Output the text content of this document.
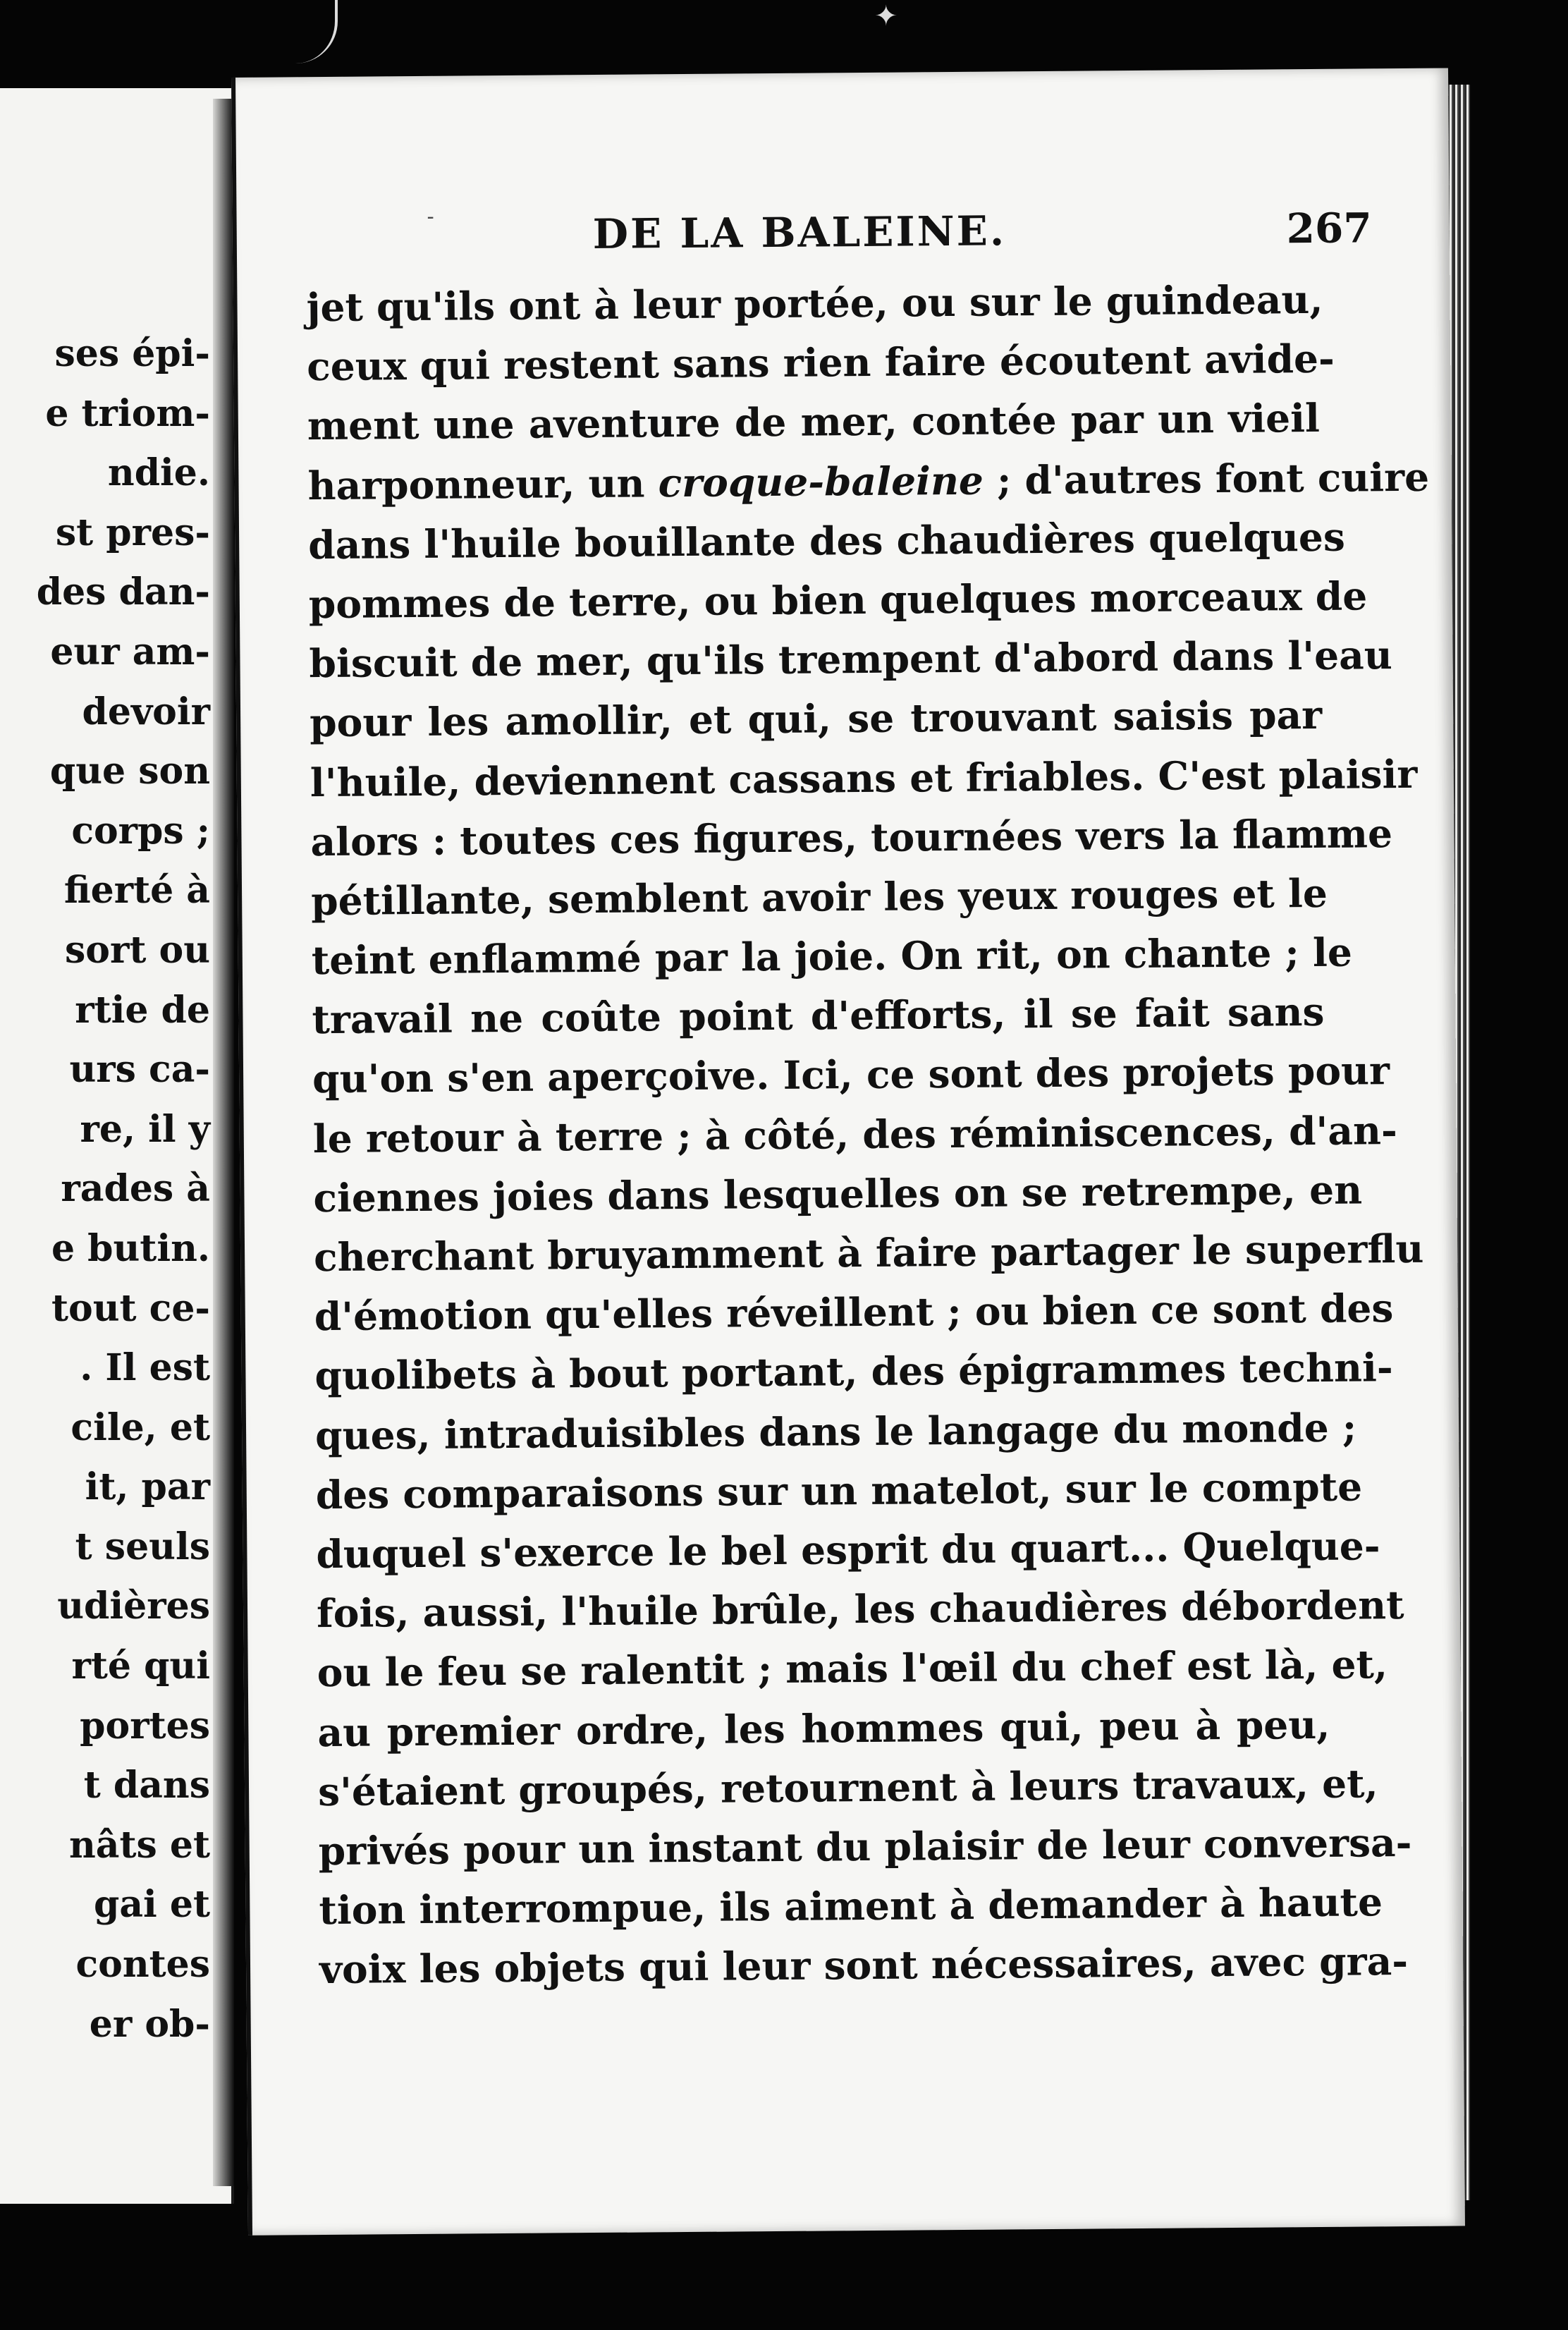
✦
ses épi-
e triom-
ndie.
st pres-
des dan-
eur am-
devoir
que son
corps ;
fierté à
sort ou
rtie de
urs ca-
re, il y
rades à
e butin.
tout ce-
. Il est
cile, et
it, par
t seuls
udières
rté qui
portes
t dans
nâts et
gai et
contes
er ob-
-	DE LA BALEINE.	267
jet qu'ils ont à leur portée, ou sur le guindeau,
ceux qui restent sans rien faire écoutent avide-
ment une aventure de mer, contée par un vieil
harponneur, un croque-baleine ; d'autres font cuire
dans l'huile bouillante des chaudières quelques
pommes de terre, ou bien quelques morceaux de
biscuit de mer, qu'ils trempent d'abord dans l'eau
pour les amollir, et qui, se trouvant saisis par
l'huile, deviennent cassans et friables. C'est plaisir
alors : toutes ces figures, tournées vers la flamme
pétillante, semblent avoir les yeux rouges et le
teint enflammé par la joie. On rit, on chante ; le
travail ne coûte point d'efforts, il se fait sans
qu'on s'en aperçoive. Ici, ce sont des projets pour
le retour à terre ; à côté, des réminiscences, d'an-
ciennes joies dans lesquelles on se retrempe, en
cherchant bruyamment à faire partager le superflu
d'émotion qu'elles réveillent ; ou bien ce sont des
quolibets à bout portant, des épigrammes techni-
ques, intraduisibles dans le langage du monde ;
des comparaisons sur un matelot, sur le compte
duquel s'exerce le bel esprit du quart... Quelque-
fois, aussi, l'huile brûle, les chaudières débordent
ou le feu se ralentit ; mais l'œil du chef est là, et,
au premier ordre, les hommes qui, peu à peu,
s'étaient groupés, retournent à leurs travaux, et,
privés pour un instant du plaisir de leur conversa-
tion interrompue, ils aiment à demander à haute
voix les objets qui leur sont nécessaires, avec gra-
